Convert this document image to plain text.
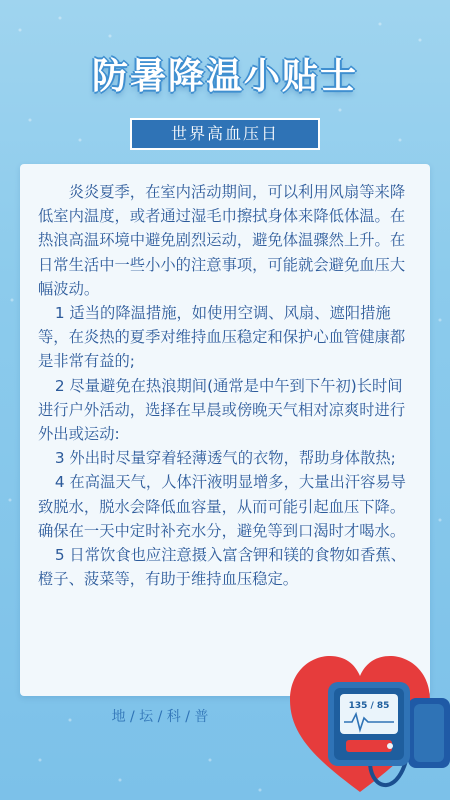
防暑降温小贴士
世界高血压日

炎炎夏季，在室内活动期间，可以利用风扇等来降低室内温度，或者通过湿毛巾擦拭身体来降低体温。在热浪高温环境中避免剧烈运动，避免体温骤然上升。在日常生活中一些小小的注意事项，可能就会避免血压大幅波动。

1 适当的降温措施，如使用空调、风扇、遮阳措施等，在炎热的夏季对维持血压稳定和保护心血管健康都是非常有益的;

2 尽量避免在热浪期间(通常是中午到下午初)长时间进行户外活动，选择在早晨或傍晚天气相对凉爽时进行外出或运动:

3 外出时尽量穿着轻薄透气的衣物，帮助身体散热;

4 在高温天气，人体汗液明显增多，大量出汗容易导致脱水，脱水会降低血容量，从而可能引起血压下降。确保在一天中定时补充水分，避免等到口渴时才喝水。

5 日常饮食也应注意摄入富含钾和镁的食物如香蕉、橙子、菠菜等，有助于维持血压稳定。

地 / 坛 / 科 / 普
135 / 85
